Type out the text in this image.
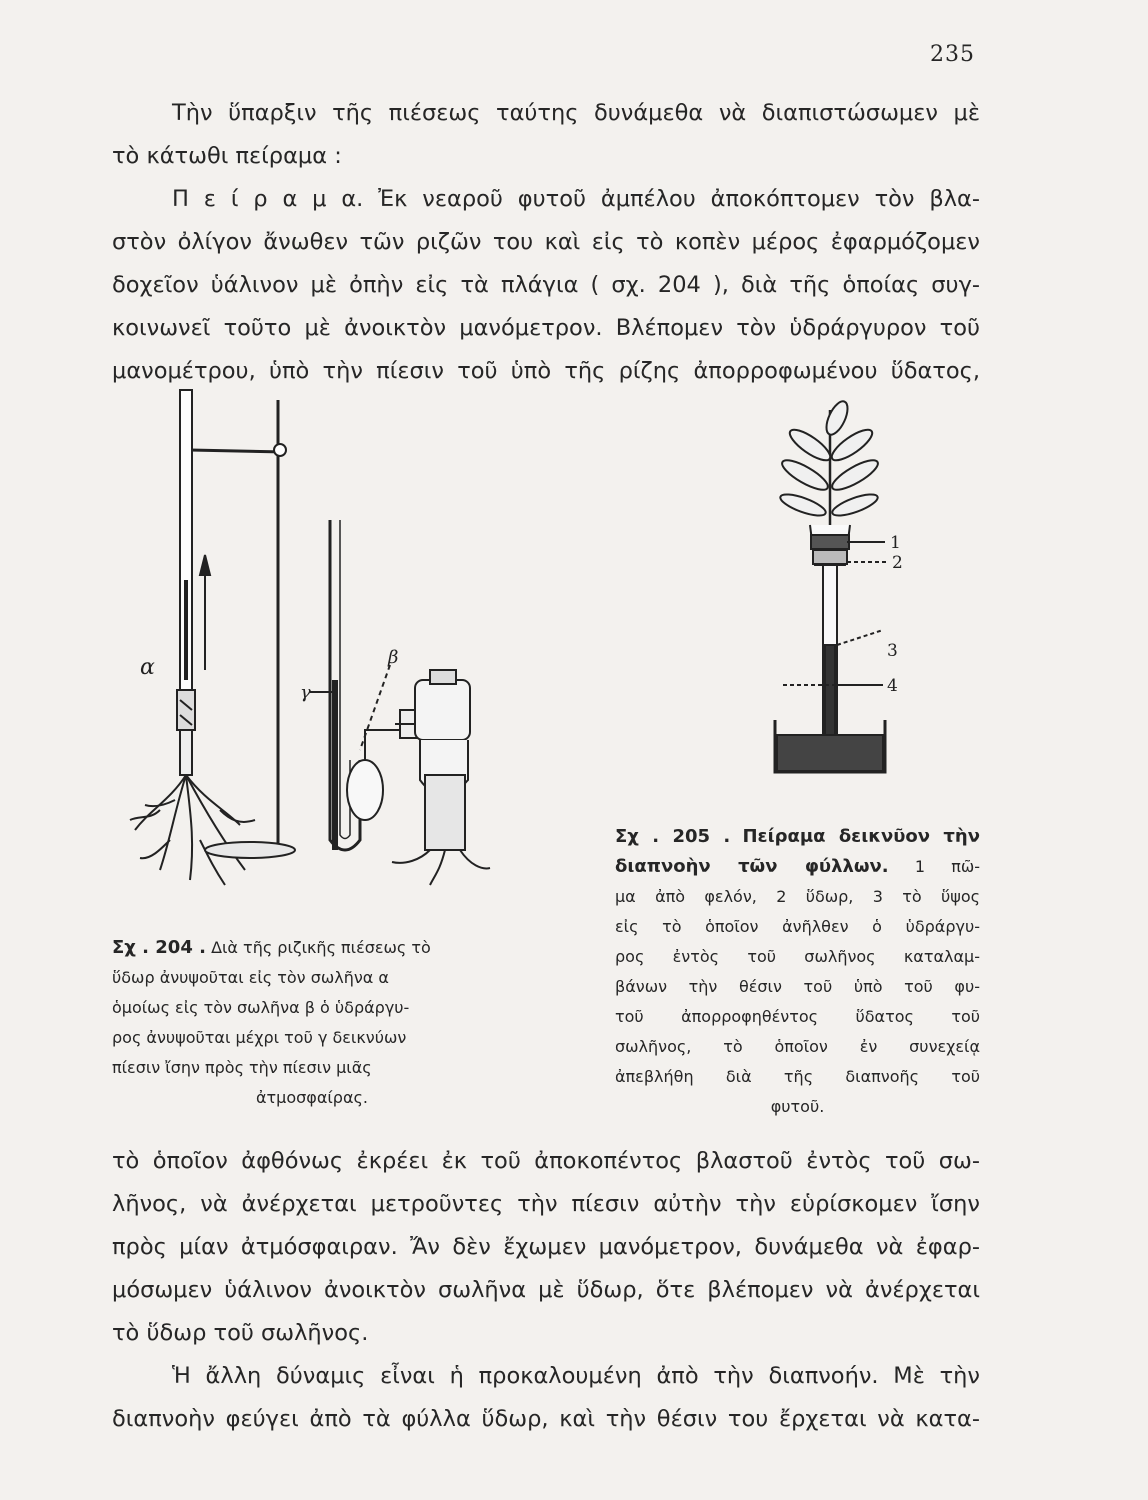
235

Τὴν ὕπαρξιν τῆς πιέσεως ταύτης δυνάμεθα νὰ διαπιστώσωμεν μὲ

τὸ κάτωθι πείραμα :

Π ε ί ρ α μ α. Ἐκ νεαροῦ φυτοῦ ἀμπέλου ἀποκόπτομεν τὸν βλα-

στὸν ὀλίγον ἄνωθεν τῶν ριζῶν του καὶ εἰς τὸ κοπὲν μέρος ἐφαρμόζομεν

δοχεῖον ὑάλινον μὲ ὀπὴν εἰς τὰ πλάγια ( σχ. 204 ), διὰ τῆς ὁποίας συγ-

κοινωνεῖ τοῦτο μὲ ἀνοικτὸν μανόμετρον. Βλέπομεν τὸν ὑδράργυρον τοῦ

μανομέτρου, ὑπὸ τὴν πίεσιν τοῦ ὑπὸ τῆς ρίζης ἀπορροφωμένου ὕδατος,

α	β
γ
Σχ . 204 . Διὰ τῆς ριζικῆς πιέσεως τὸ
ὕδωρ ἀνυψοῦται εἰς τὸν σωλῆνα α
ὁμοίως εἰς τὸν σωλῆνα β ὁ ὑδράργυ-
ρος ἀνυψοῦται μέχρι τοῦ γ δεικνύων
πίεσιν ἴσην πρὸς τὴν πίεσιν μιᾶς
ἀτμοσφαίρας.
1
2
3
4
Σχ . 205 . Πείραμα δεικνῦον τὴν
διαπνοὴν τῶν φύλλων. 1 πῶ-
μα ἀπὸ φελόν, 2 ὕδωρ, 3 τὸ ὕψος
εἰς τὸ ὁποῖον ἀνῆλθεν ὁ ὑδράργυ-
ρος ἐντὸς τοῦ σωλῆνος καταλαμ-
βάνων τὴν θέσιν τοῦ ὑπὸ τοῦ φυ-
τοῦ ἀπορροφηθέντος ὕδατος τοῦ
σωλῆνος, τὸ ὁποῖον ἐν συνεχείᾳ
ἀπεβλήθη διὰ τῆς διαπνοῆς τοῦ
φυτοῦ.

τὸ ὁποῖον ἀφθόνως ἐκρέει ἐκ τοῦ ἀποκοπέντος βλαστοῦ ἐντὸς τοῦ σω-

λῆνος, νὰ ἀνέρχεται μετροῦντες τὴν πίεσιν αὐτὴν τὴν εὑρίσκομεν ἴσην

πρὸς μίαν ἀτμόσφαιραν. Ἄν δὲν ἔχωμεν μανόμετρον, δυνάμεθα νὰ ἐφαρ-

μόσωμεν ὑάλινον ἀνοικτὸν σωλῆνα μὲ ὕδωρ, ὅτε βλέπομεν νὰ ἀνέρχεται

τὸ ὕδωρ τοῦ σωλῆνος.

Ἡ ἄλλη δύναμις εἶναι ἡ προκαλουμένη ἀπὸ τὴν διαπνοήν. Μὲ τὴν

διαπνοὴν φεύγει ἀπὸ τὰ φύλλα ὕδωρ, καὶ τὴν θέσιν του ἔρχεται νὰ κατα-
